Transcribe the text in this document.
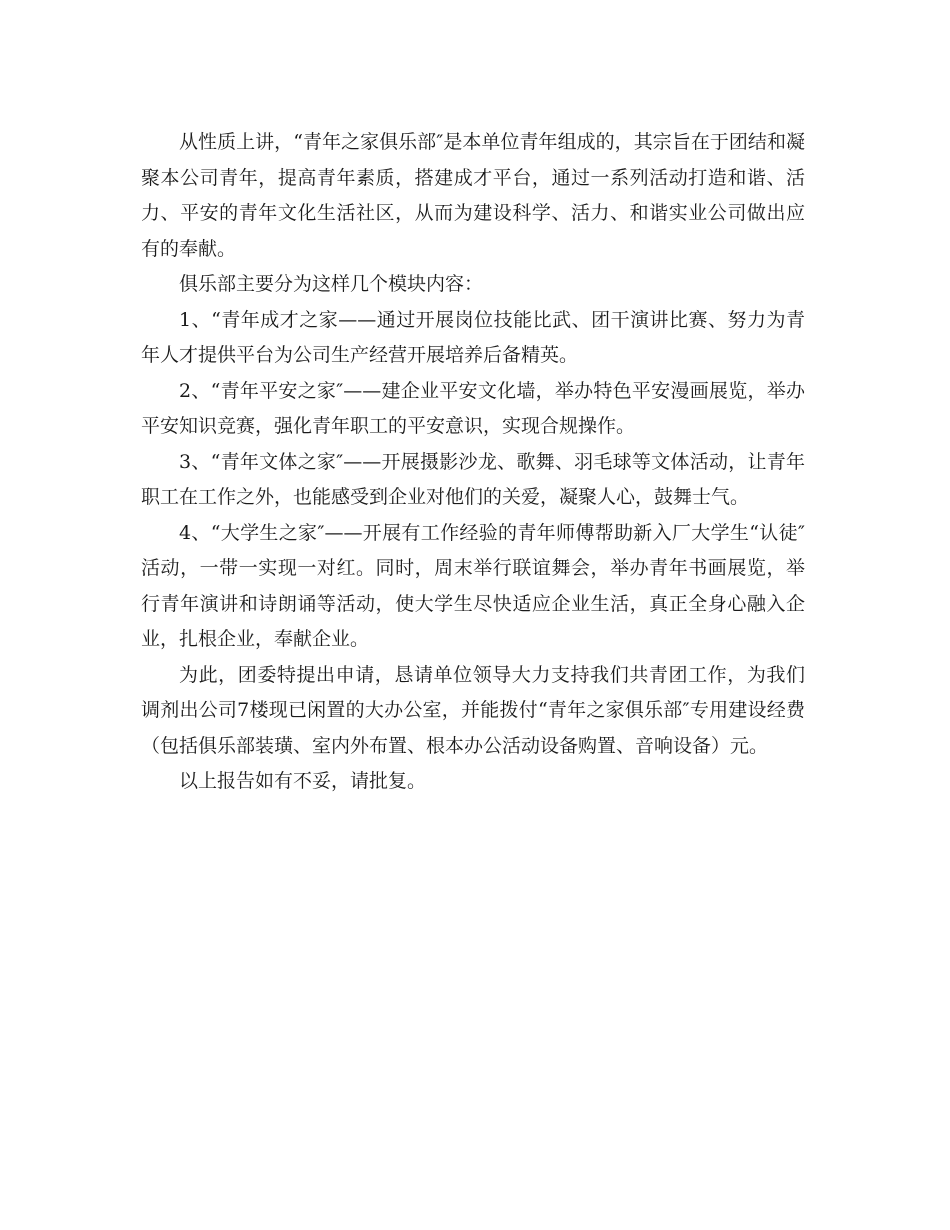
从性质上讲，“青年之家俱乐部″是本单位青年组成的，其宗旨在于团结和凝聚本公司青年，提高青年素质，搭建成才平台，通过一系列活动打造和谐、活力、平安的青年文化生活社区，从而为建设科学、活力、和谐实业公司做出应有的奉献。

俱乐部主要分为这样几个模块内容：

1、“青年成才之家——通过开展岗位技能比武、团干演讲比赛、努力为青年人才提供平台为公司生产经营开展培养后备精英。

2、“青年平安之家″——建企业平安文化墙，举办特色平安漫画展览，举办平安知识竞赛，强化青年职工的平安意识，实现合规操作。

3、“青年文体之家″——开展摄影沙龙、歌舞、羽毛球等文体活动，让青年职工在工作之外，也能感受到企业对他们的关爱，凝聚人心，鼓舞士气。

4、“大学生之家″——开展有工作经验的青年师傅帮助新入厂大学生“认徒″活动，一带一实现一对红。同时，周末举行联谊舞会，举办青年书画展览，举行青年演讲和诗朗诵等活动，使大学生尽快适应企业生活，真正全身心融入企业，扎根企业，奉献企业。

为此，团委特提出申请，恳请单位领导大力支持我们共青团工作，为我们调剂出公司7楼现已闲置的大办公室，并能拨付“青年之家俱乐部″专用建设经费（包括俱乐部装璜、室内外布置、根本办公活动设备购置、音响设备）元。

以上报告如有不妥，请批复。
